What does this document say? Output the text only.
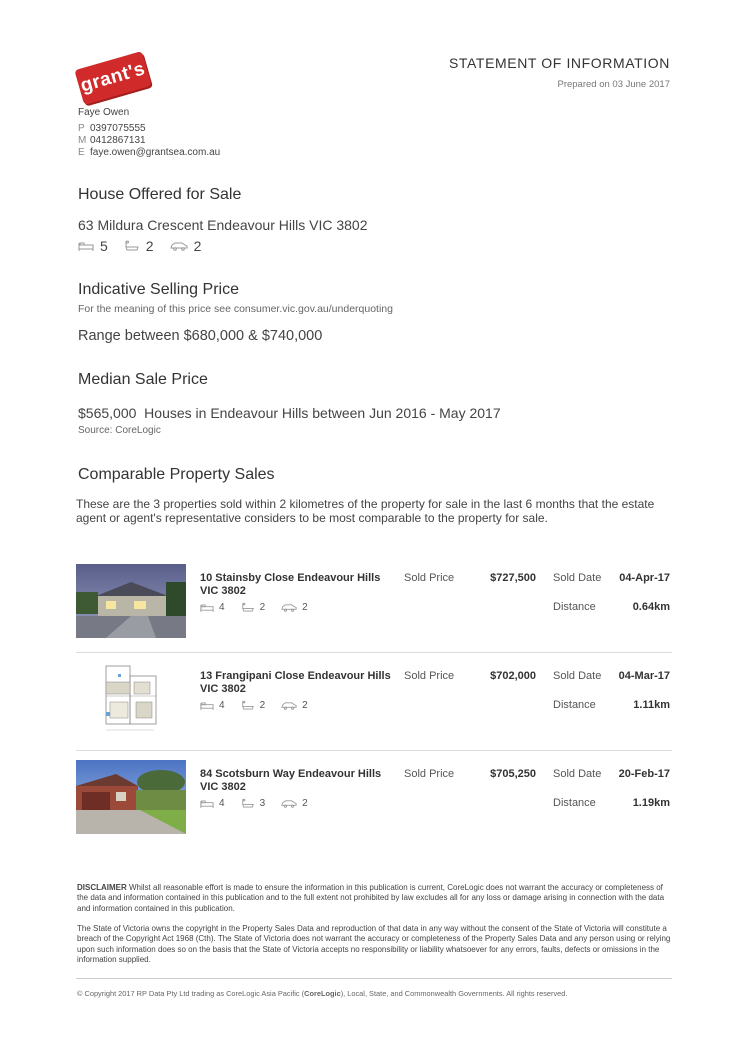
grant's	STATEMENT OF INFORMATION
Prepared on 03 June 2017
Faye Owen
P 0397075555
M 0412867131
E faye.owen@grantsea.com.au
House Offered for Sale
63 Mildura Crescent Endeavour Hills VIC 3802
5	2	2
Indicative Selling Price
For the meaning of this price see consumer.vic.gov.au/underquoting
Range between $680,000 & $740,000
Median Sale Price
$565,000  Houses in Endeavour Hills between Jun 2016 - May 2017
Source: CoreLogic
Comparable Property Sales
These are the 3 properties sold within 2 kilometres of the property for sale in the last 6 months that the estate agent or agent's representative considers to be most comparable to the property for sale.
10 Stainsby Close Endeavour Hills VIC 3802
4	2	2
Sold Price	$727,500 Sold Date 04-Apr-17
Distance	0.64km
13 Frangipani Close Endeavour Hills VIC 3802
4	2	2
Sold Price	$702,000 Sold Date 04-Mar-17
Distance	1.11km
84 Scotsburn Way Endeavour Hills VIC 3802
4	3	2
Sold Price	$705,250 Sold Date 20-Feb-17
Distance	1.19km
DISCLAIMER Whilst all reasonable effort is made to ensure the information in this publication is current, CoreLogic does not warrant the accuracy or completeness of the data and information contained in this publication and to the full extent not prohibited by law excludes all for any loss or damage arising in connection with the data and information contained in this publication.
The State of Victoria owns the copyright in the Property Sales Data and reproduction of that data in any way without the consent of the State of Victoria will constitute a breach of the Copyright Act 1968 (Cth). The State of Victoria does not warrant the accuracy or completeness of the Property Sales Data and any person using or relying upon such information does so on the basis that the State of Victoria accepts no responsibility or liability whatsoever for any errors, faults, defects or omissions in the information supplied.
© Copyright 2017 RP Data Pty Ltd trading as CoreLogic Asia Pacific (CoreLogic), Local, State, and Commonwealth Governments. All rights reserved.
